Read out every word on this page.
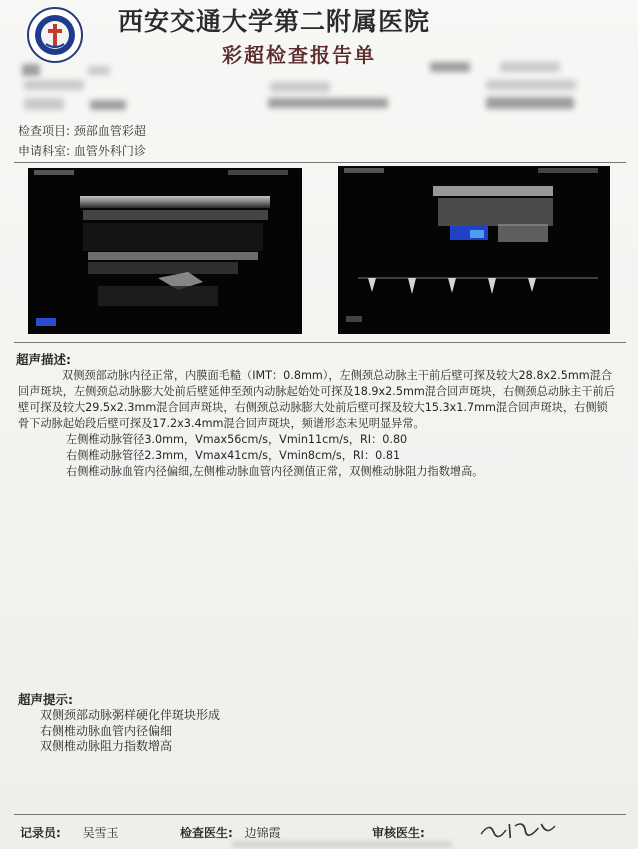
西安交通大学第二附属医院
彩超检查报告单
检查项目: 颈部血管彩超
申请科室: 血管外科门诊
超声描述:

双侧颈部动脉内径正常，内膜面毛糙（IMT：0.8mm），左侧颈总动脉主干前后壁可探及较大28.8x2.5mm混合回声斑块，左侧颈总动脉膨大处前后壁延伸至颈内动脉起始处可探及18.9x2.5mm混合回声斑块，右侧颈总动脉主干前后壁可探及较大29.5x2.3mm混合回声斑块，右侧颈总动脉膨大处前后壁可探及较大15.3x1.7mm混合回声斑块，右侧锁骨下动脉起始段后壁可探及17.2x3.4mm混合回声斑块，频谱形态未见明显异常。

左侧椎动脉管径3.0mm，Vmax56cm/s，Vmin11cm/s，RI：0.80
右侧椎动脉管径2.3mm，Vmax41cm/s，Vmin8cm/s，RI：0.81
右侧椎动脉血管内径偏细,左侧椎动脉血管内径测值正常，双侧椎动脉阻力指数增高。
超声提示:
双侧颈部动脉粥样硬化伴斑块形成
右侧椎动脉血管内径偏细
双侧椎动脉阻力指数增高
记录员: 吴雪玉	检查医生: 边锦霞	审核医生:
